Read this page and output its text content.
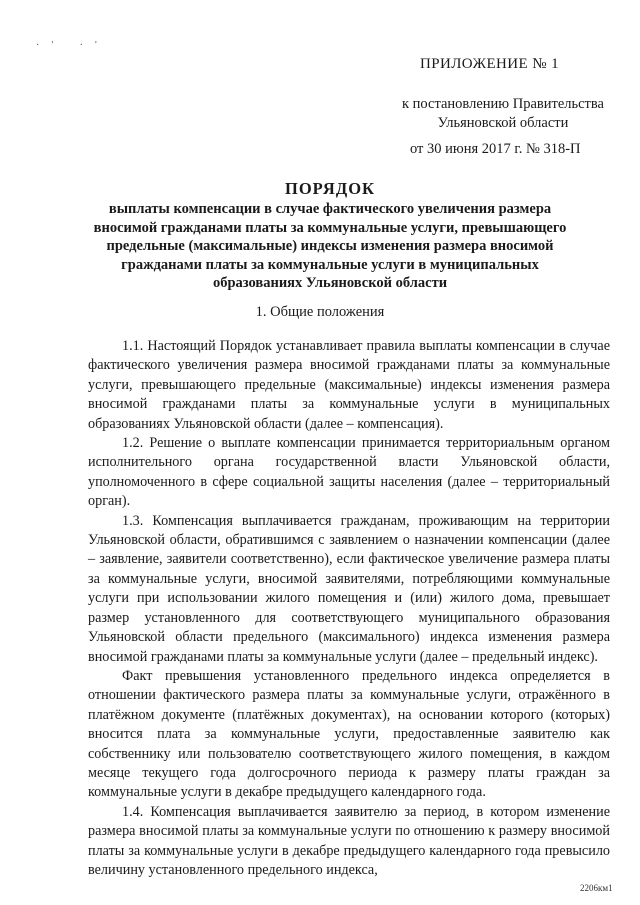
·' ·'
ПРИЛОЖЕНИЕ № 1
к постановлению Правительства
Ульяновской области
от 30 июня 2017 г. № 318-П
ПОРЯДОК
выплаты компенсации в случае фактического увеличения размера вносимой гражданами платы за коммунальные услуги, превышающего предельные (максимальные) индексы изменения размера вносимой гражданами платы за коммунальные услуги в муниципальных образованиях Ульяновской области
1. Общие положения

1.1. Настоящий Порядок устанавливает правила выплаты компенсации в случае фактического увеличения размера вносимой гражданами платы за коммунальные услуги, превышающего предельные (максимальные) индексы изменения размера вносимой гражданами платы за коммунальные услуги в муниципальных образованиях Ульяновской области (далее – компенсация).

1.2. Решение о выплате компенсации принимается территориальным органом исполнительного органа государственной власти Ульяновской области, уполномоченного в сфере социальной защиты населения (далее – территориальный орган).

1.3. Компенсация выплачивается гражданам, проживающим на территории Ульяновской области, обратившимся с заявлением о назначении компенсации (далее – заявление, заявители соответственно), если фактическое увеличение размера платы за коммунальные услуги, вносимой заявителями, потребляющими коммунальные услуги при использовании жилого помещения и (или) жилого дома, превышает размер установленного для соответствующего муниципального образования Ульяновской области предельного (максимального) индекса изменения размера вносимой гражданами платы за коммунальные услуги (далее – предельный индекс).

Факт превышения установленного предельного индекса определяется в отношении фактического размера платы за коммунальные услуги, отражённого в платёжном документе (платёжных документах), на основании которого (которых) вносится плата за коммунальные услуги, предоставленные заявителю как собственнику или пользователю соответствующего жилого помещения, в каждом месяце текущего года долгосрочного периода к размеру платы граждан за коммунальные услуги в декабре предыдущего календарного года.

1.4. Компенсация выплачивается заявителю за период, в котором изменение размера вносимой платы за коммунальные услуги по отношению к размеру вносимой платы за коммунальные услуги в декабре предыдущего календарного года превысило величину установленного предельного индекса,

2206км1
